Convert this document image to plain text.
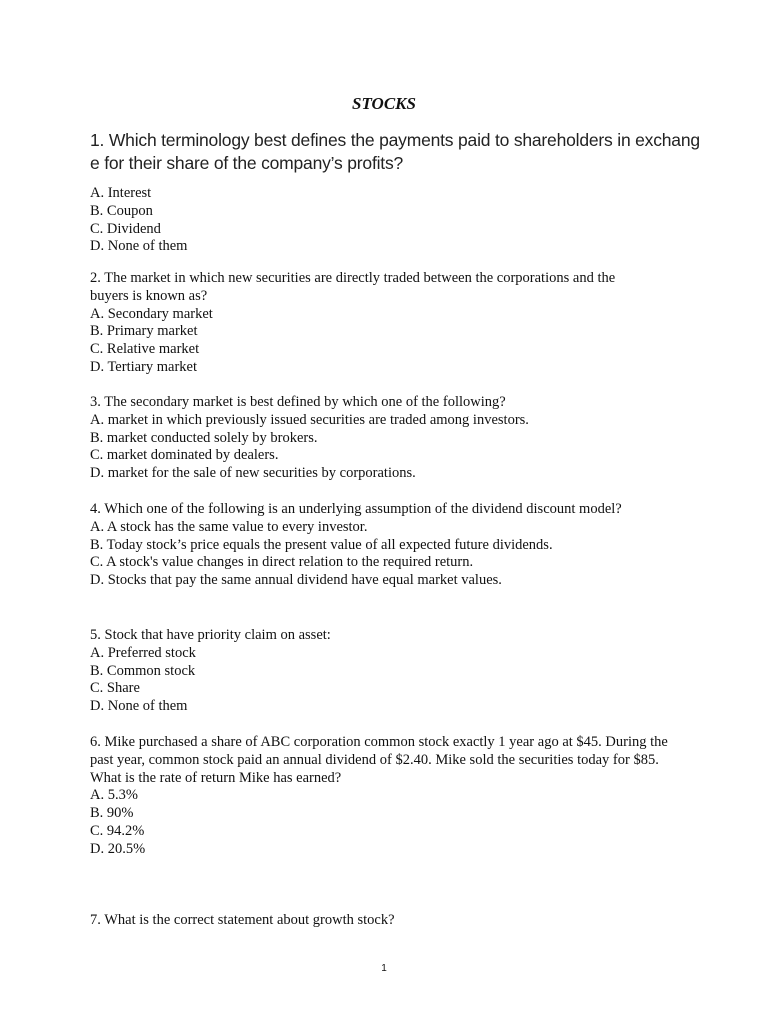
STOCKS
1. Which terminology best defines the payments paid to shareholders in exchange for their share of the company’s profits?
A. Interest
B. Coupon
C. Dividend
D. None of them
2. The market in which new securities are directly traded between the corporations and the buyers is known as?
A. Secondary market
B. Primary market
C. Relative market
D. Tertiary market
3. The secondary market is best defined by which one of the following?
A. market in which previously issued securities are traded among investors.
B. market conducted solely by brokers.
C. market dominated by dealers.
D. market for the sale of new securities by corporations.
4. Which one of the following is an underlying assumption of the dividend discount model?
A. A stock has the same value to every investor.
B. Today stock’s price equals the present value of all expected future dividends.
C. A stock's value changes in direct relation to the required return.
D. Stocks that pay the same annual dividend have equal market values.
5. Stock that have priority claim on asset:
A. Preferred stock
B. Common stock
C. Share
D. None of them
6. Mike purchased a share of ABC corporation common stock exactly 1 year ago at $45. During the past year, common stock paid an annual dividend of $2.40. Mike sold the securities today for $85. What is the rate of return Mike has earned?
A. 5.3%
B. 90%
C. 94.2%
D. 20.5%
7. What is the correct statement about growth stock?
1
